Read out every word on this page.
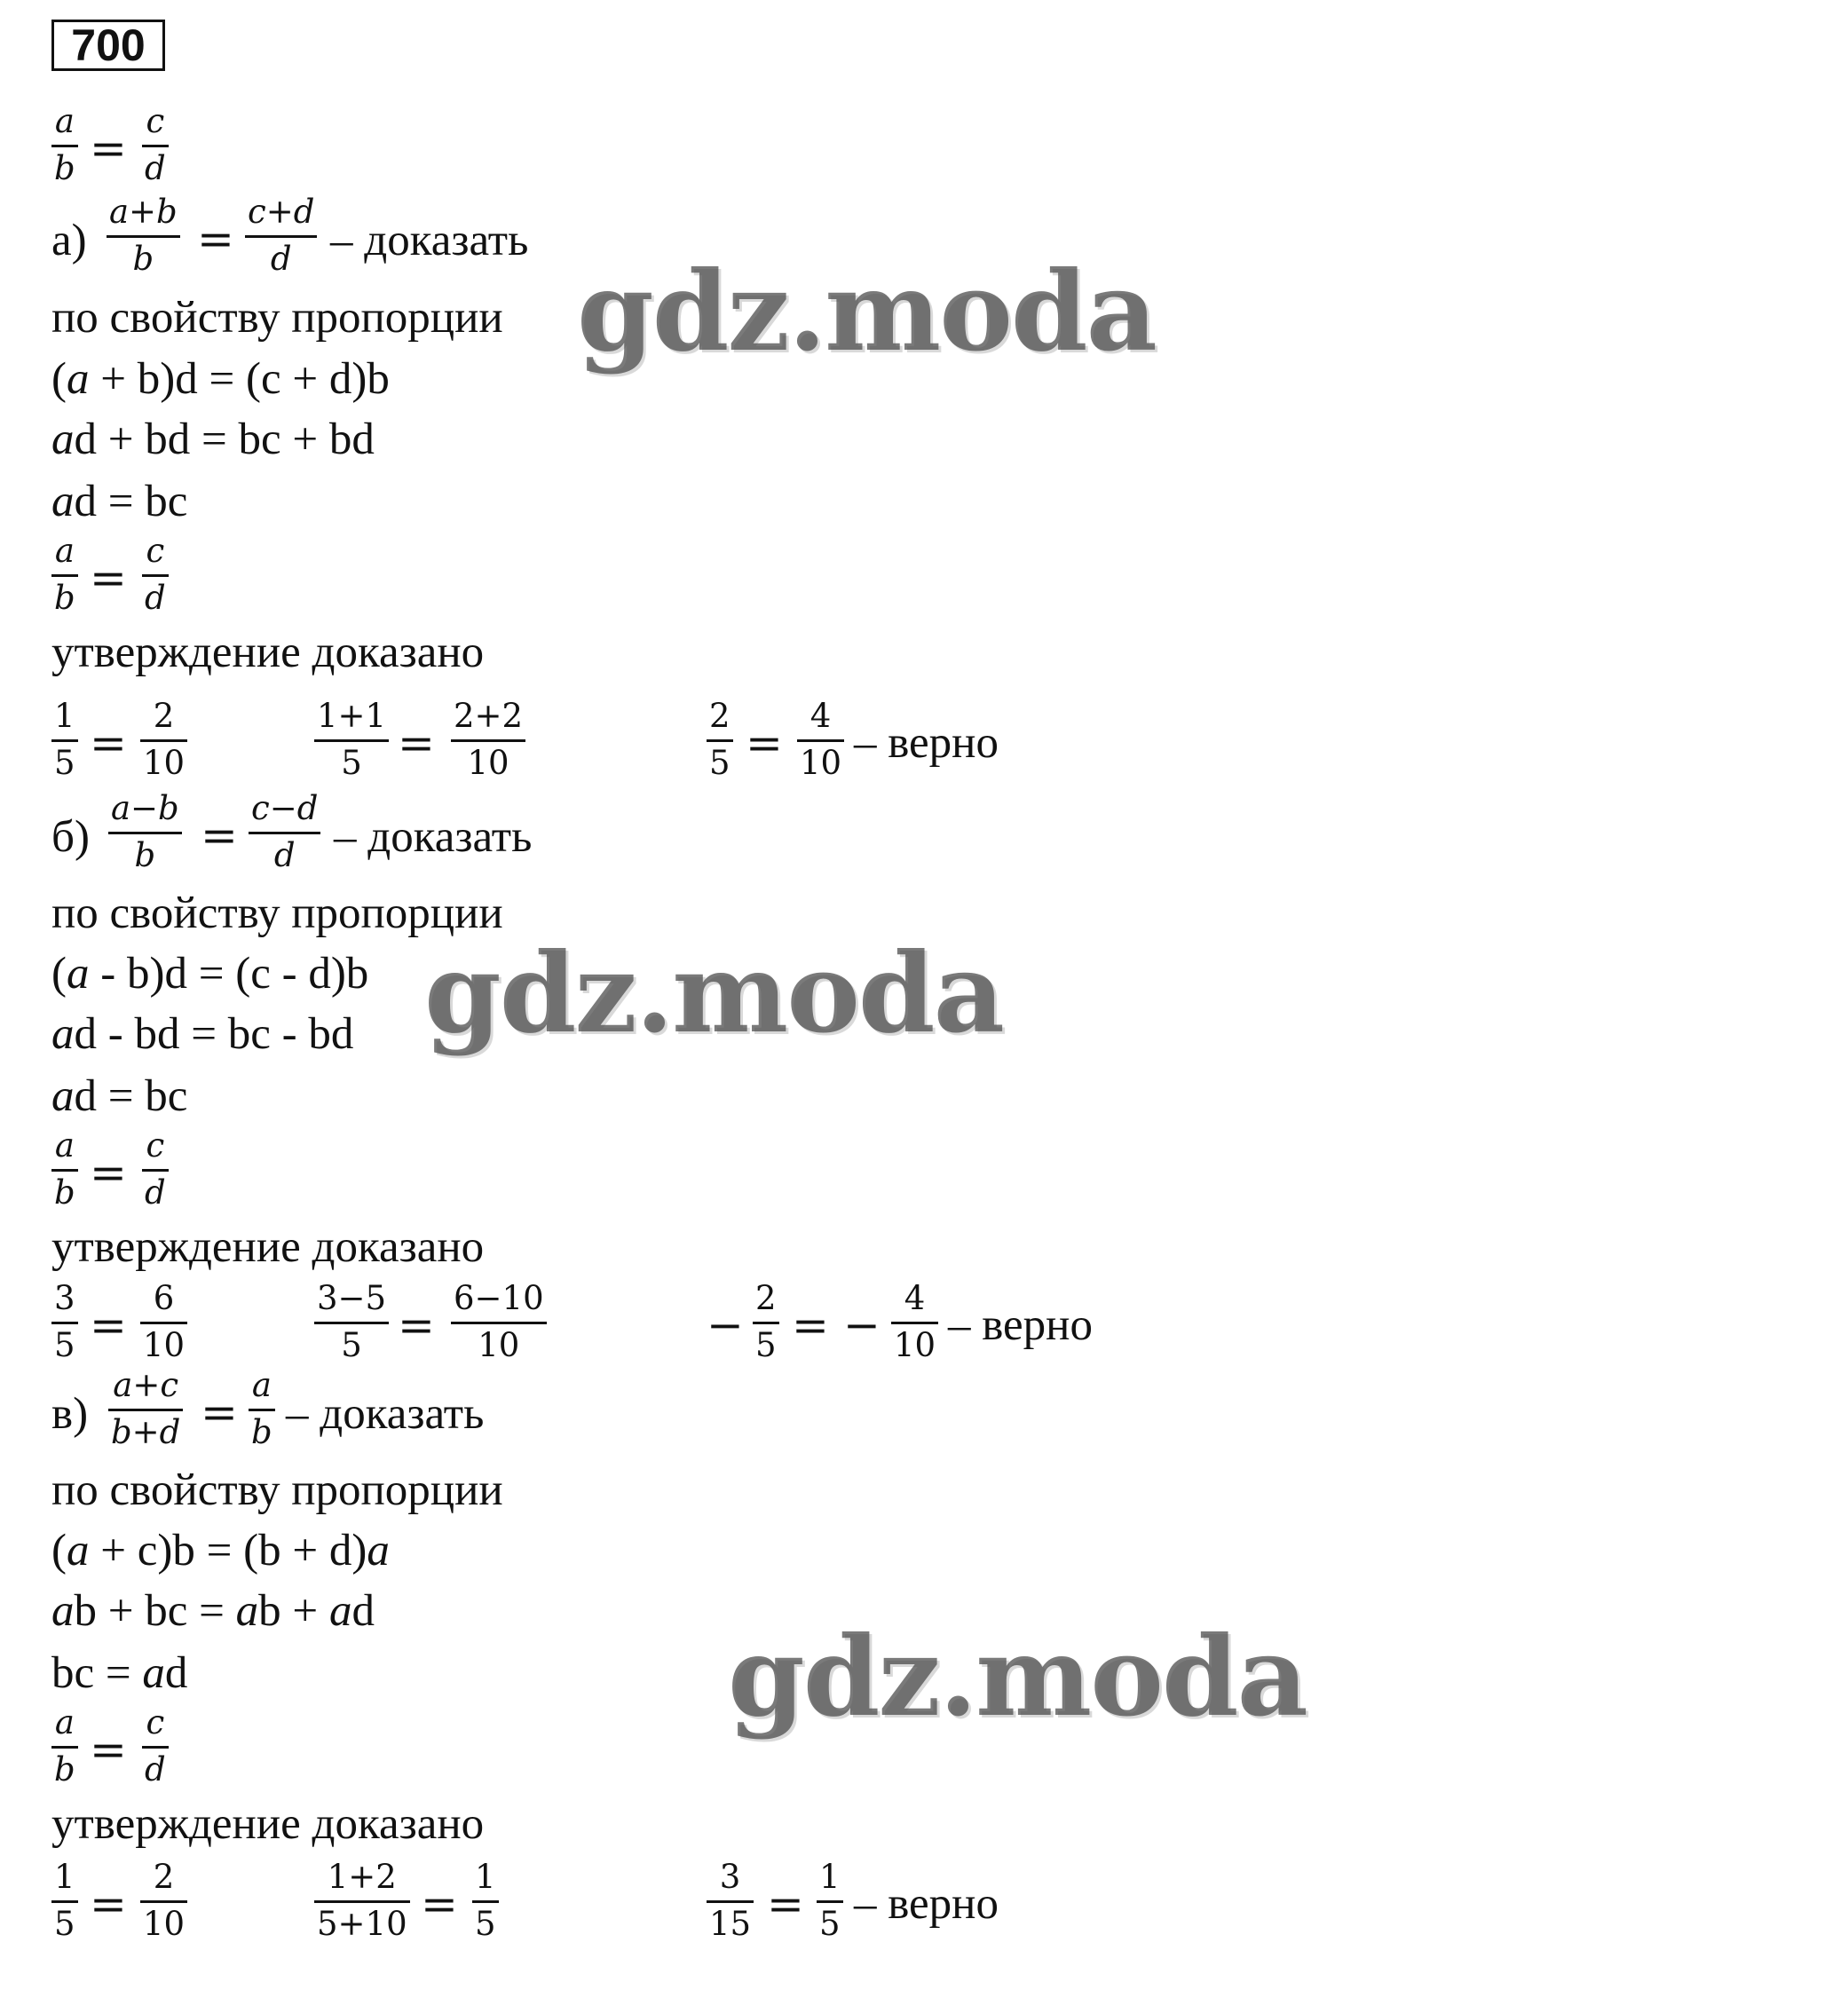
700
a
b =
c
d
а)
a+b
b =
c+d
d – доказать
по свойству пропорции
(a + b)d = (c + d)b
ad + bd = bc + bd
ad = bc
a
b =
c
d
утверждение доказано
1
5 =
2
10
1+1
5 =
2+2
10
2
5 =
4
10 – верно
б)
a−b
b =
c−d
d – доказать
по свойству пропорции
(a - b)d = (c - d)b
ad - bd = bc - bd
ad = bc
a
b =
c
d
утверждение доказано
3
5 =
6
10
3−5
5 =
6−10
10	−
2
5 = −
4
10 – верно
в)
a+c
b+d =
a
b – доказать
по свойству пропорции
(a + c)b = (b + d)a
ab + bc = ab + ad
bc = ad
a
b =
c
d
утверждение доказано
1
5 =
2
10
1+2
5+10 =
1
5
3
15 =
1
5 – верно
gdz.moda
gdz.moda
gdz.moda
